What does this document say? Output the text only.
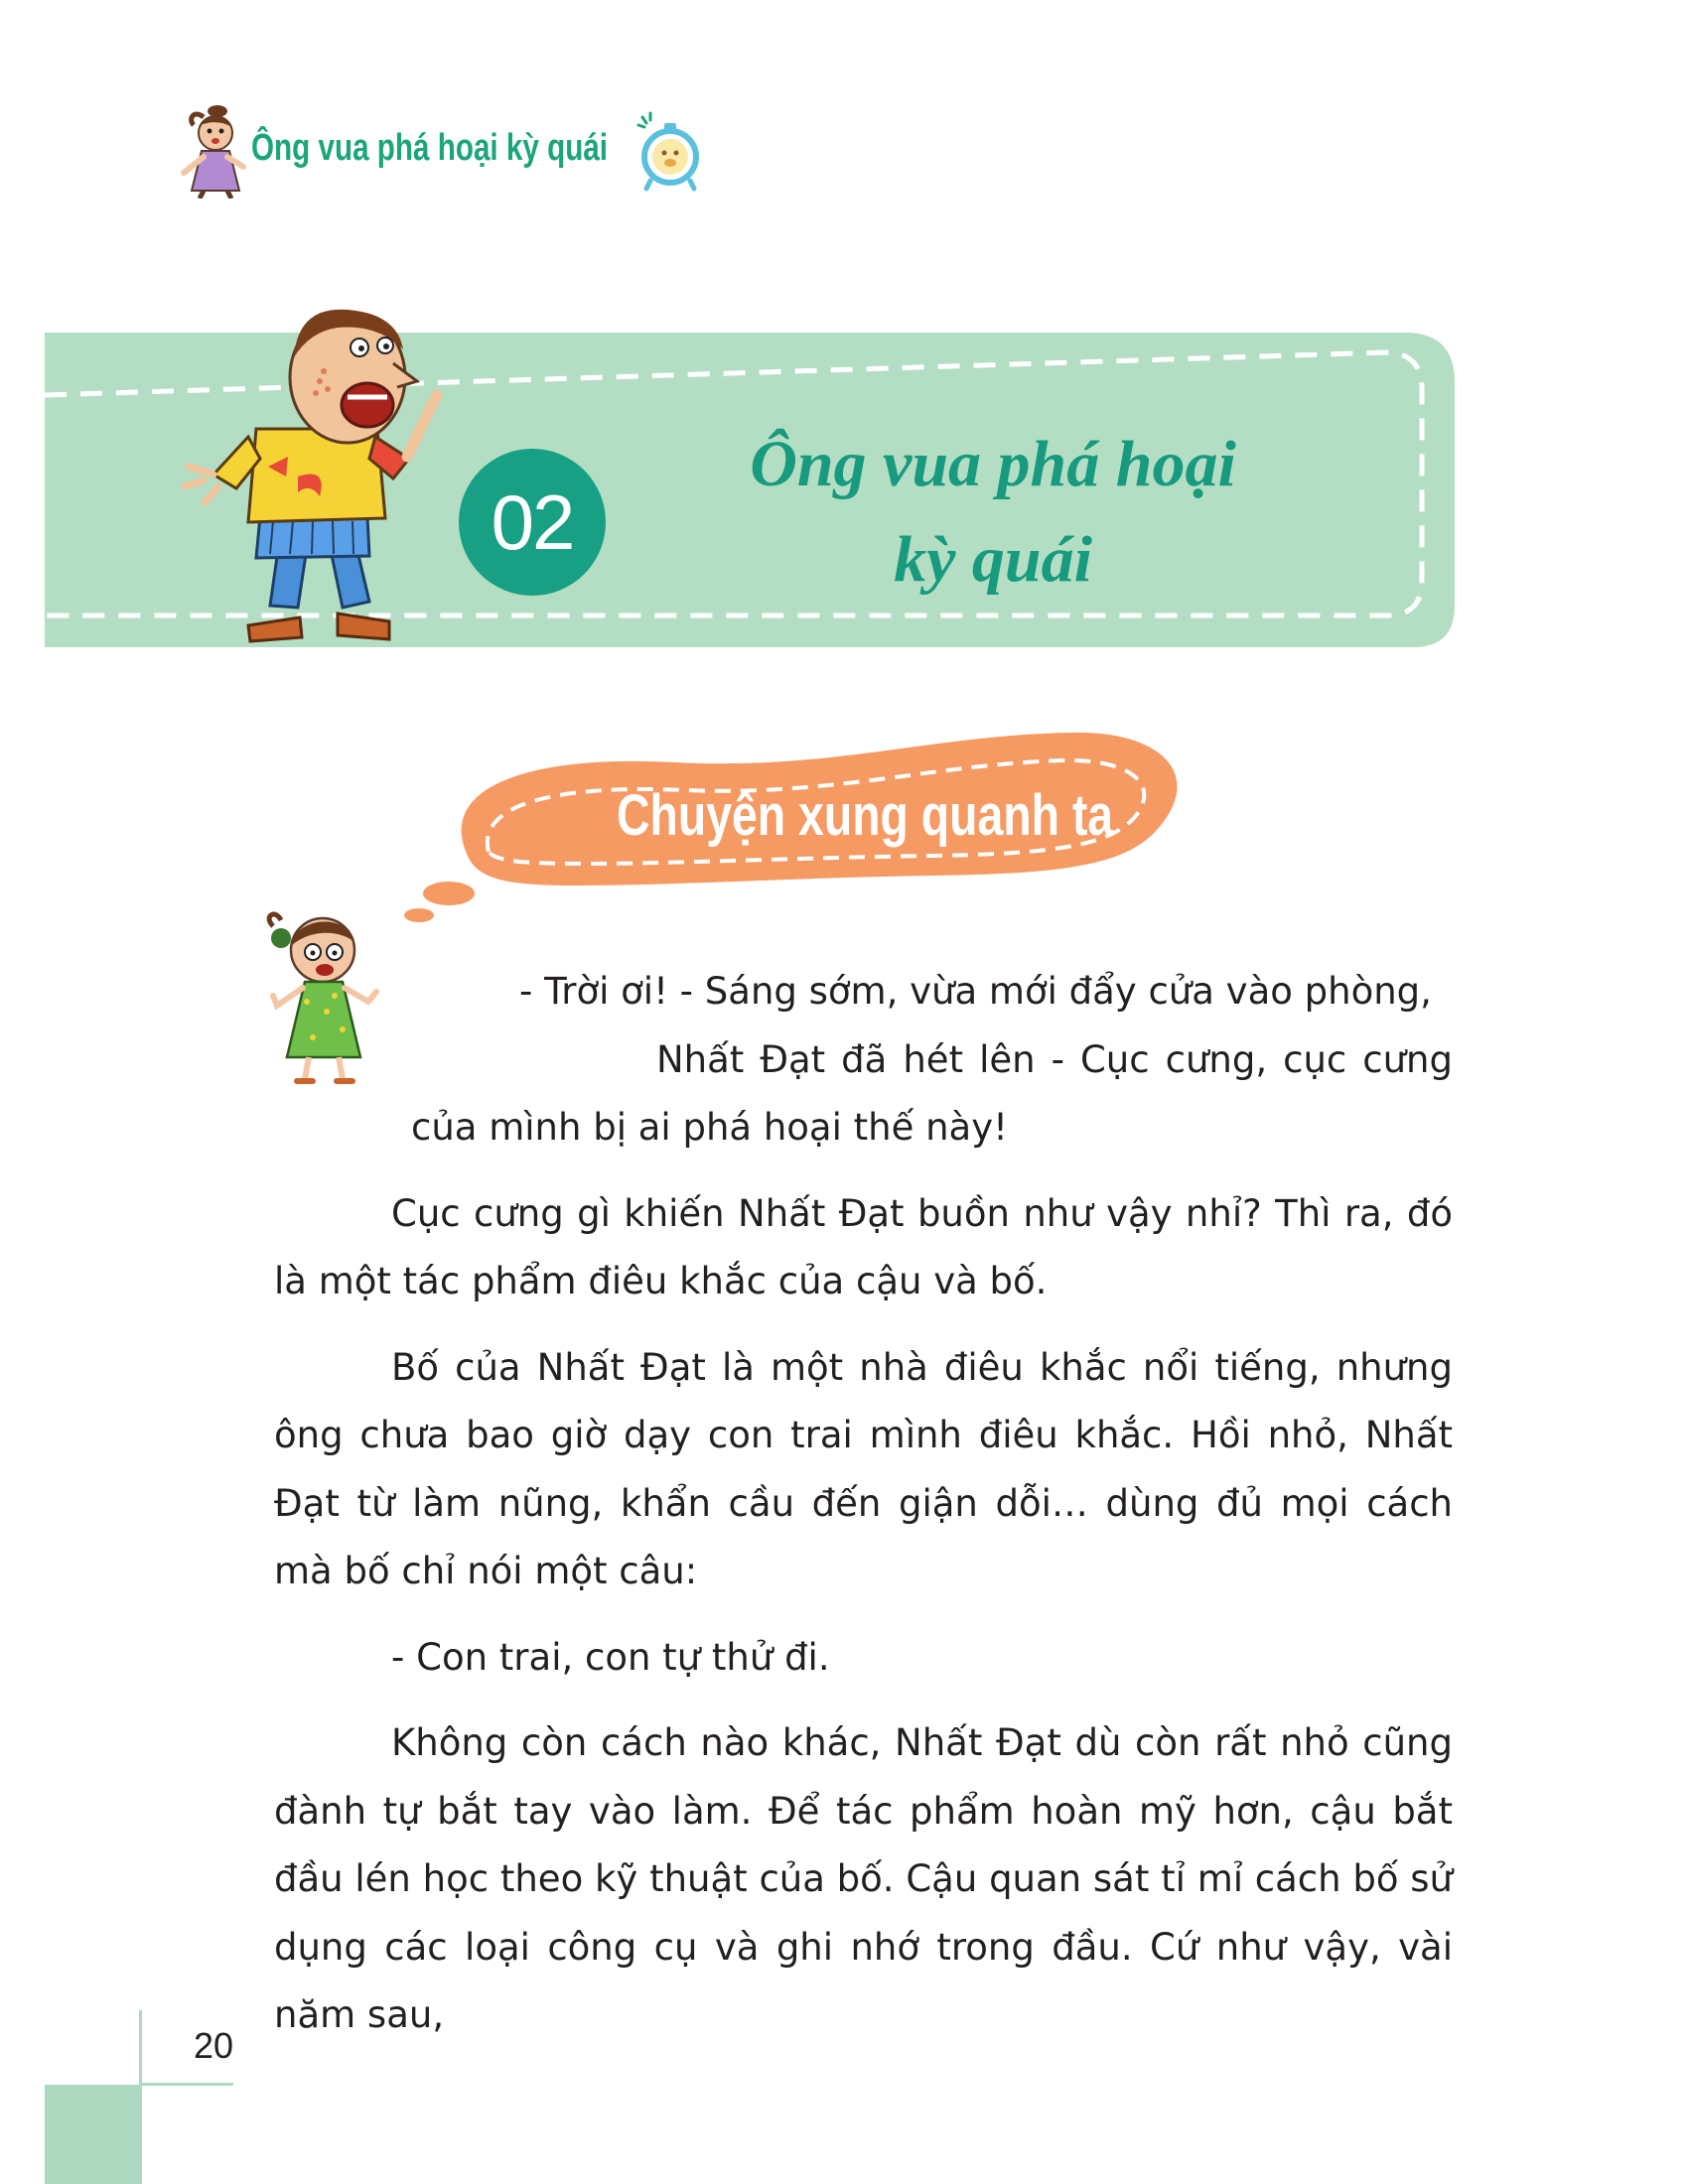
Ông vua phá hoại kỳ quái
02
Ông vua phá hoại
kỳ quái
Chuyện xung quanh ta

- Trời ơi! - Sáng sớm, vừa mới đẩy cửa vào phòng,
Nhất Đạt đã hét lên - Cục cưng, cục cưng của mình bị ai phá hoại thế này!

Cục cưng gì khiến Nhất Đạt buồn như vậy nhỉ? Thì ra, đó là một tác phẩm điêu khắc của cậu và bố.

Bố của Nhất Đạt là một nhà điêu khắc nổi tiếng, nhưng ông chưa bao giờ dạy con trai mình điêu khắc. Hồi nhỏ, Nhất Đạt từ làm nũng, khẩn cầu đến giận dỗi… dùng đủ mọi cách mà bố chỉ nói một câu:

- Con trai, con tự thử đi.

Không còn cách nào khác, Nhất Đạt dù còn rất nhỏ cũng đành tự bắt tay vào làm. Để tác phẩm hoàn mỹ hơn, cậu bắt đầu lén học theo kỹ thuật của bố. Cậu quan sát tỉ mỉ cách bố sử dụng các loại công cụ và ghi nhớ trong đầu. Cứ như vậy, vài năm sau,

20
